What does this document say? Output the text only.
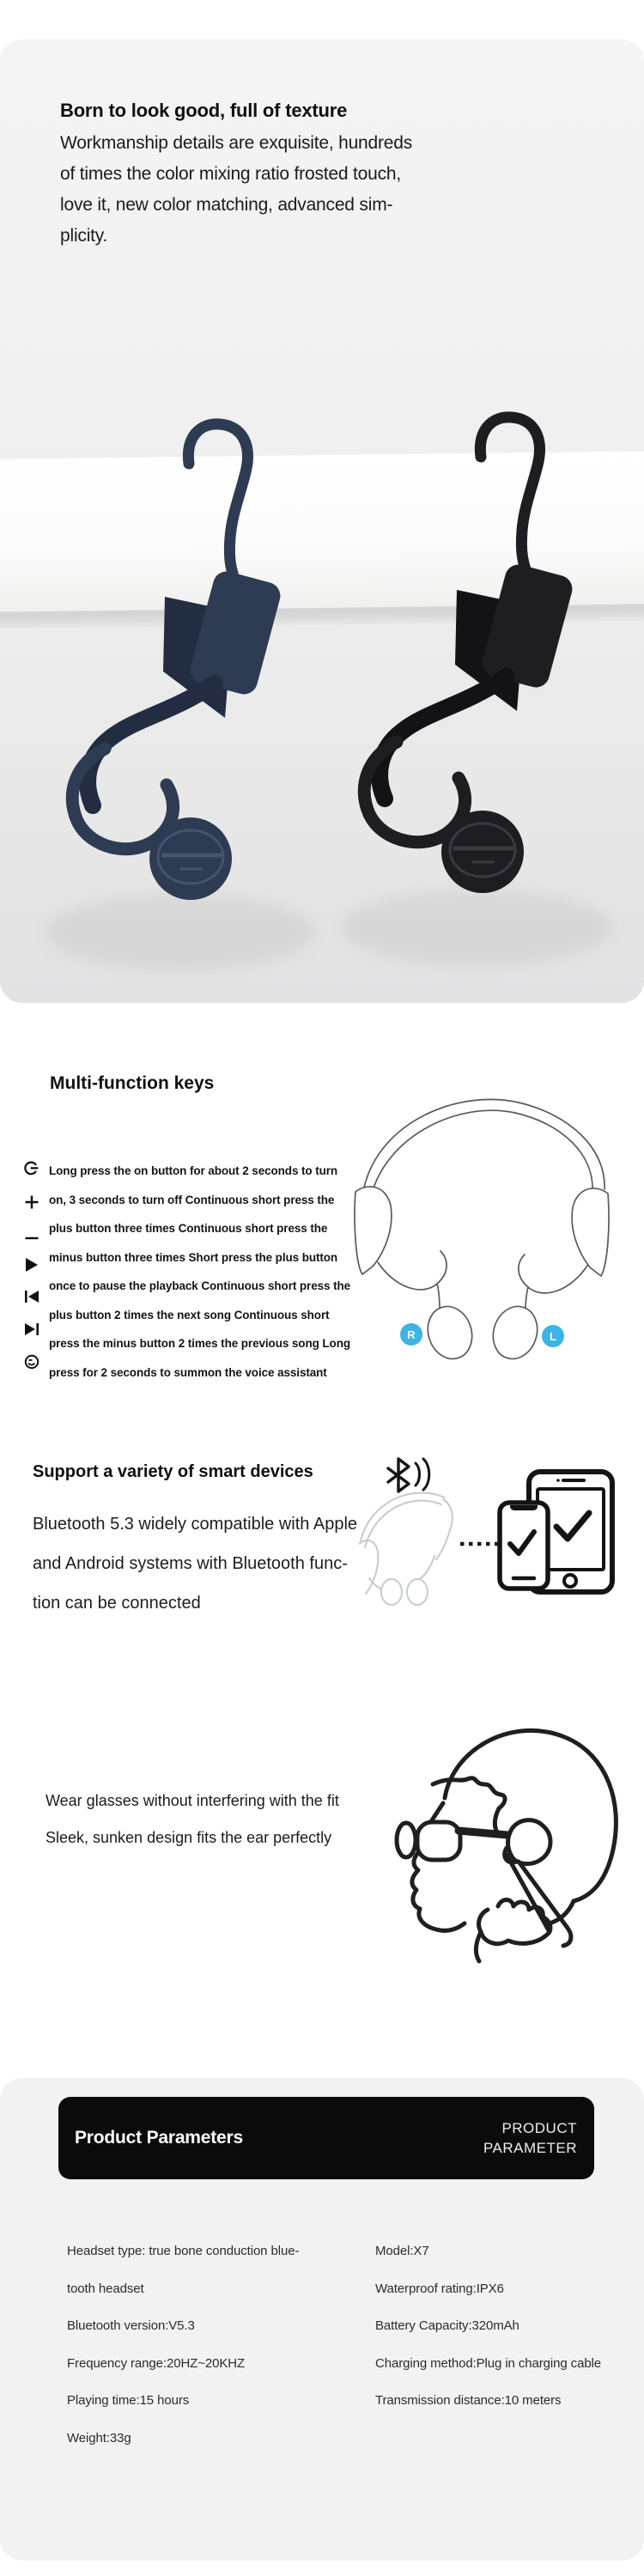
Born to look good, full of texture
Workmanship details are exquisite, hundreds
of times the color mixing ratio frosted touch,
love it, new color matching, advanced sim-
plicity.
Multi-function keys
Long press the on button for about 2 seconds to turn
on, 3 seconds to turn off Continuous short press the
plus button three times Continuous short press the
minus button three times Short press the plus button
once to pause the playback Continuous short press the
plus button 2 times the next song Continuous short
press the minus button 2 times the previous song Long
press for 2 seconds to summon the voice assistant
R	L
Support a variety of smart devices
Bluetooth 5.3 widely compatible with Apple
and Android systems with Bluetooth func-
tion can be connected
Wear glasses without interfering with the fit
Sleek, sunken design fits the ear perfectly
Product Parameters	PRODUCT
PARAMETER
Headset type: true bone conduction blue-
tooth headset
Bluetooth version:V5.3
Frequency range:20HZ~20KHZ
Playing time:15 hours
Weight:33g
Model:X7
Waterproof rating:IPX6
Battery Capacity:320mAh
Charging method:Plug in charging cable
Transmission distance:10 meters
